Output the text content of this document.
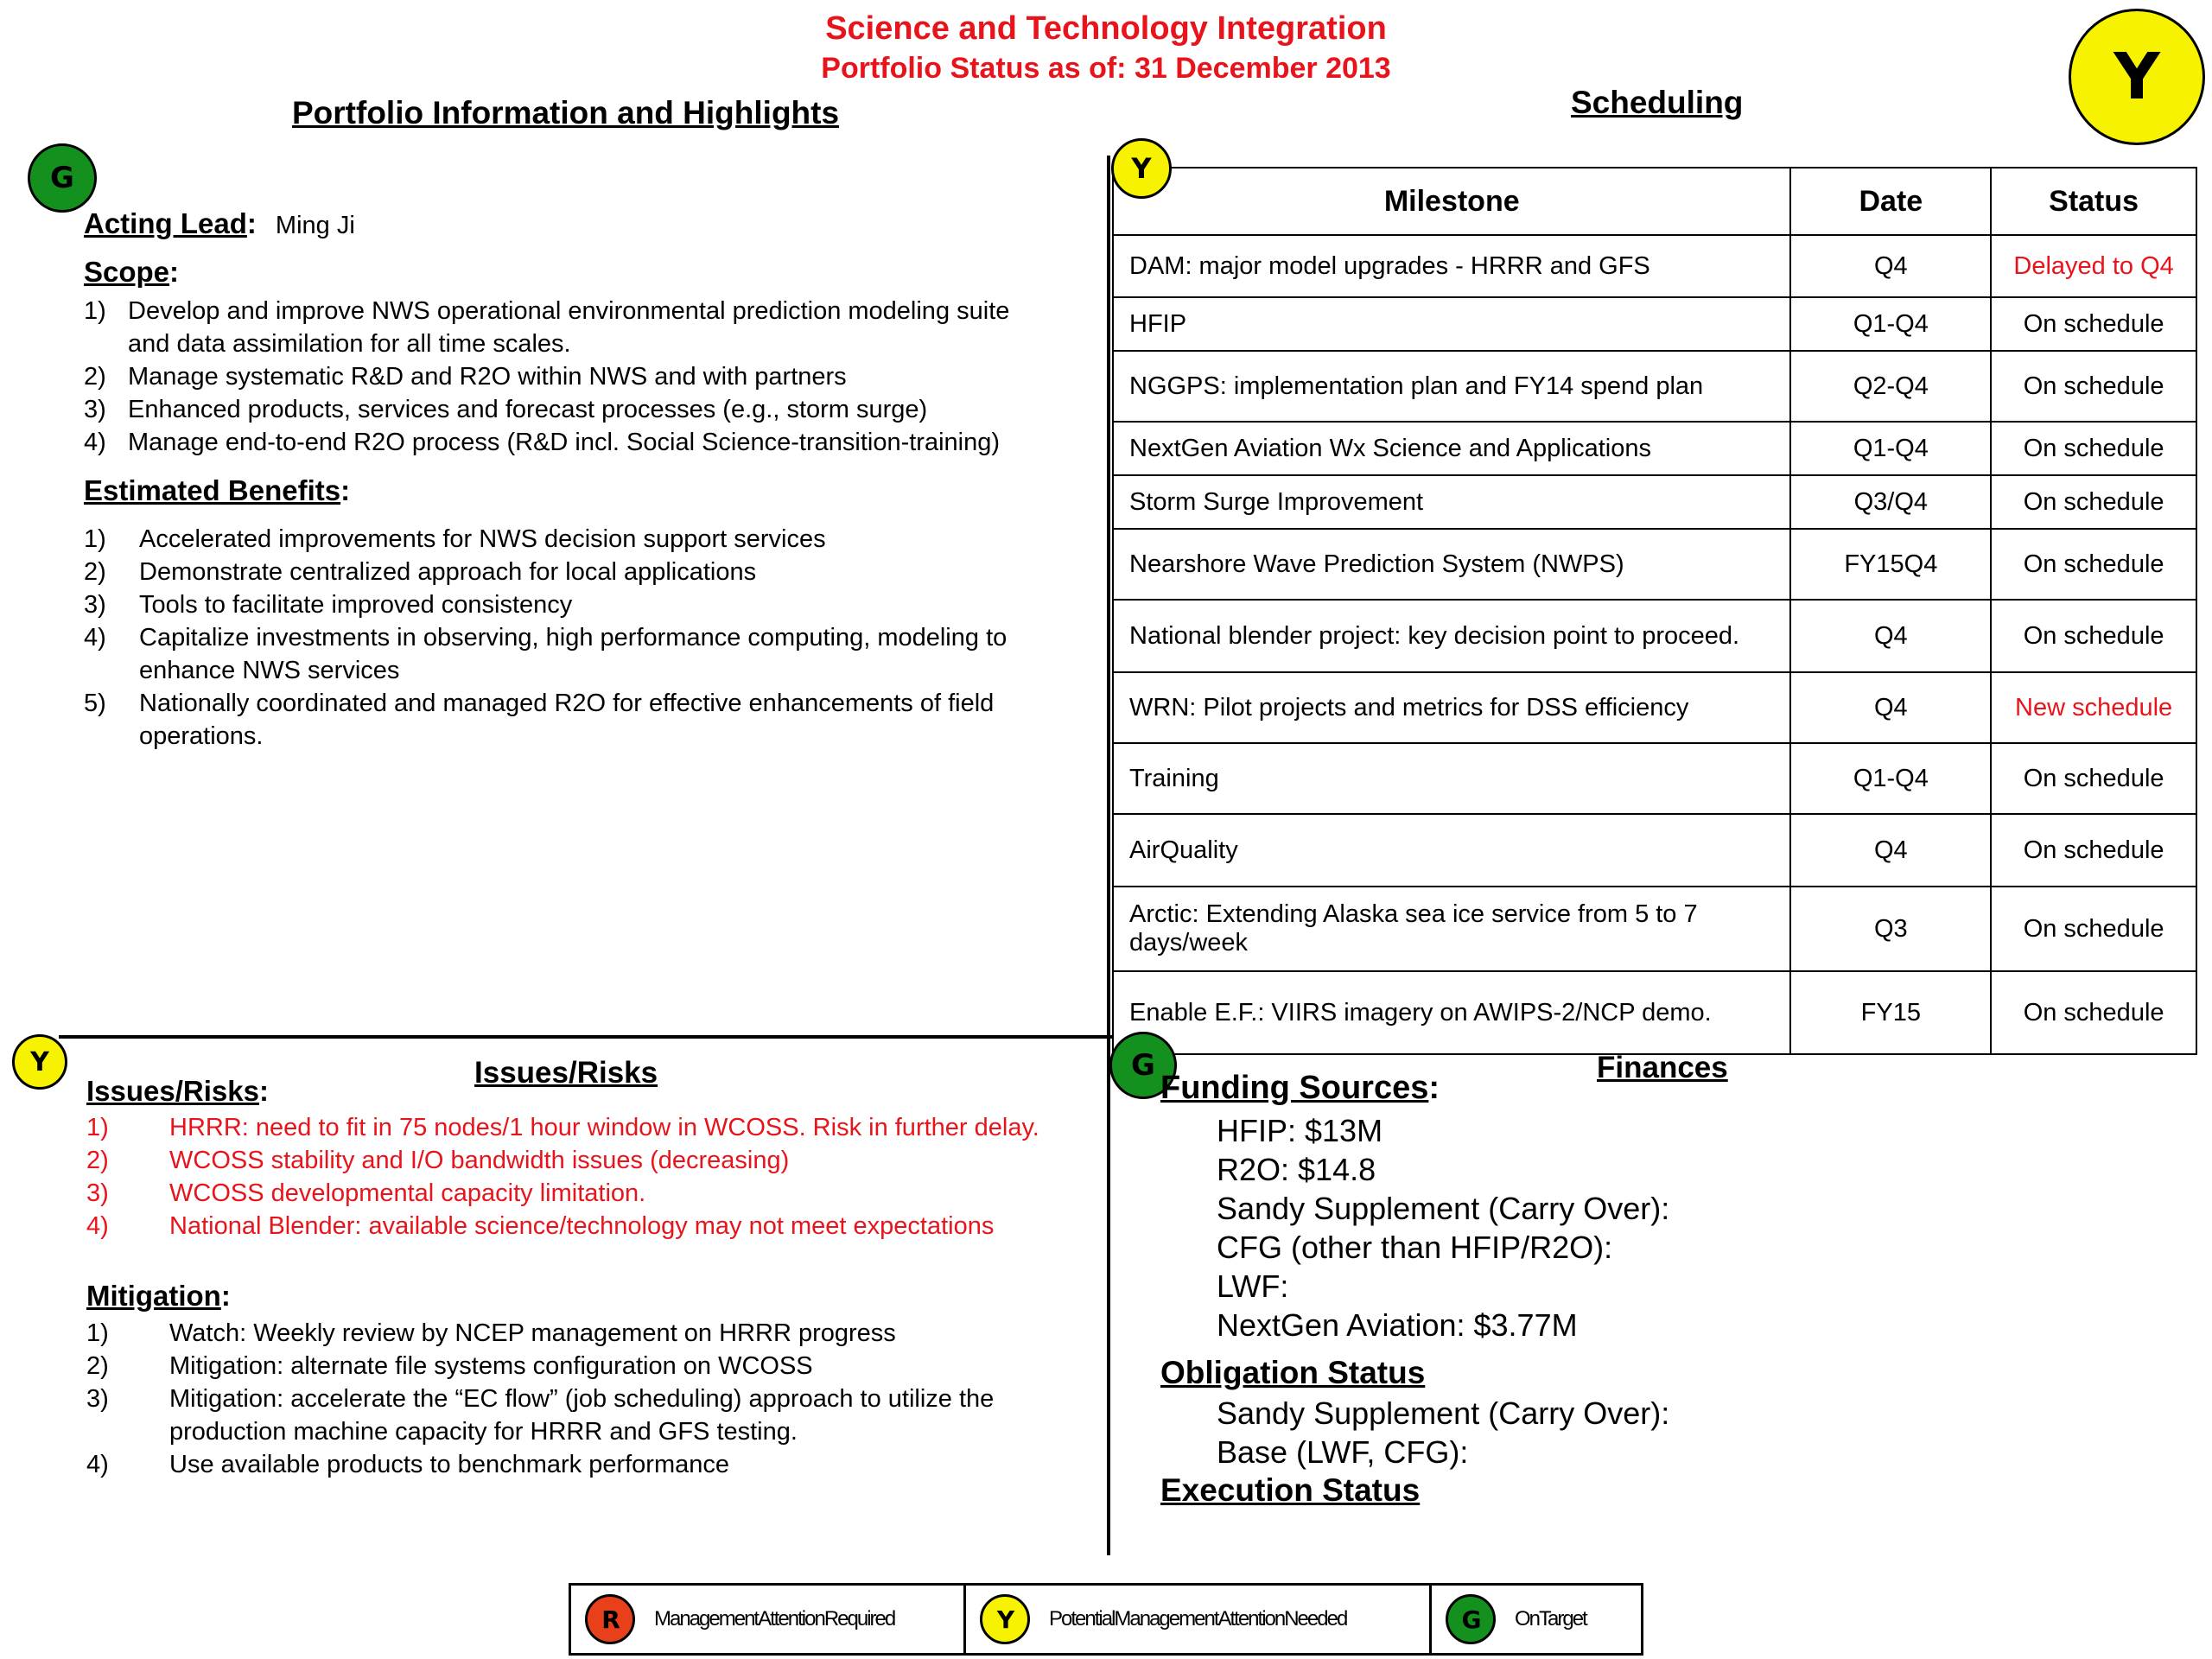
Science and Technology Integration
Portfolio Status as of: 31 December 2013	Y
Portfolio Information and Highlights
G
Acting Lead: Ming Ji
Scope:
1) Develop and improve NWS operational environmental prediction modeling suite and data assimilation for all time scales.
2) Manage systematic R&D and R2O within NWS and with partners
3) Enhanced products, services and forecast processes (e.g., storm surge)
4) Manage end-to-end R2O process (R&D incl. Social Science-transition-training)
Estimated Benefits:
1)	Accelerated improvements for NWS decision support services
2)	Demonstrate centralized approach for local applications
3)	Tools to facilitate improved consistency
4)	Capitalize investments in observing, high performance computing, modeling to enhance NWS services
5)	Nationally coordinated and managed R2O for effective enhancements of field operations.
Scheduling
Milestone	Date	Status
DAM: major model upgrades - HRRR and GFS	Q4	Delayed to Q4
HFIP	Q1-Q4	On schedule
NGGPS: implementation plan and FY14 spend plan	Q2-Q4	On schedule
NextGen Aviation Wx Science and Applications	Q1-Q4	On schedule
Storm Surge Improvement	Q3/Q4	On schedule
Nearshore Wave Prediction System (NWPS)	FY15Q4	On schedule
National blender project: key decision point to proceed.	Q4	On schedule
WRN: Pilot projects and metrics for DSS efficiency	Q4	New schedule
Training	Q1-Q4	On schedule
AirQuality	Q4	On schedule
Arctic: Extending Alaska sea ice service from 5 to 7 days/week	Q3	On schedule
Enable E.F.: VIIRS imagery on AWIPS-2/NCP demo.	FY15	On schedule
Y
Y	Issues/Risks
Issues/Risks:
1)	HRRR: need to fit in 75 nodes/1 hour window in WCOSS. Risk in further delay.
2)	WCOSS stability and I/O bandwidth issues (decreasing)
3)	WCOSS developmental capacity limitation.
4)	National Blender: available science/technology may not meet expectations
Mitigation:
1)	Watch: Weekly review by NCEP management on HRRR progress
2)	Mitigation: alternate file systems configuration on WCOSS
3)	Mitigation: accelerate the “EC flow” (job scheduling) approach to utilize the production machine capacity for HRRR and GFS testing.
4)	Use available products to benchmark performance
G	Finances
Funding Sources:
HFIP: $13M
R2O: $14.8
Sandy Supplement (Carry Over):
CFG (other than HFIP/R2O):
LWF:
NextGen Aviation: $3.77M
Obligation Status
Sandy Supplement (Carry Over):
Base (LWF, CFG):
Execution Status
R	ManagementAttentionRequired	Y	PotentialManagementAttentionNeeded	G	OnTarget
